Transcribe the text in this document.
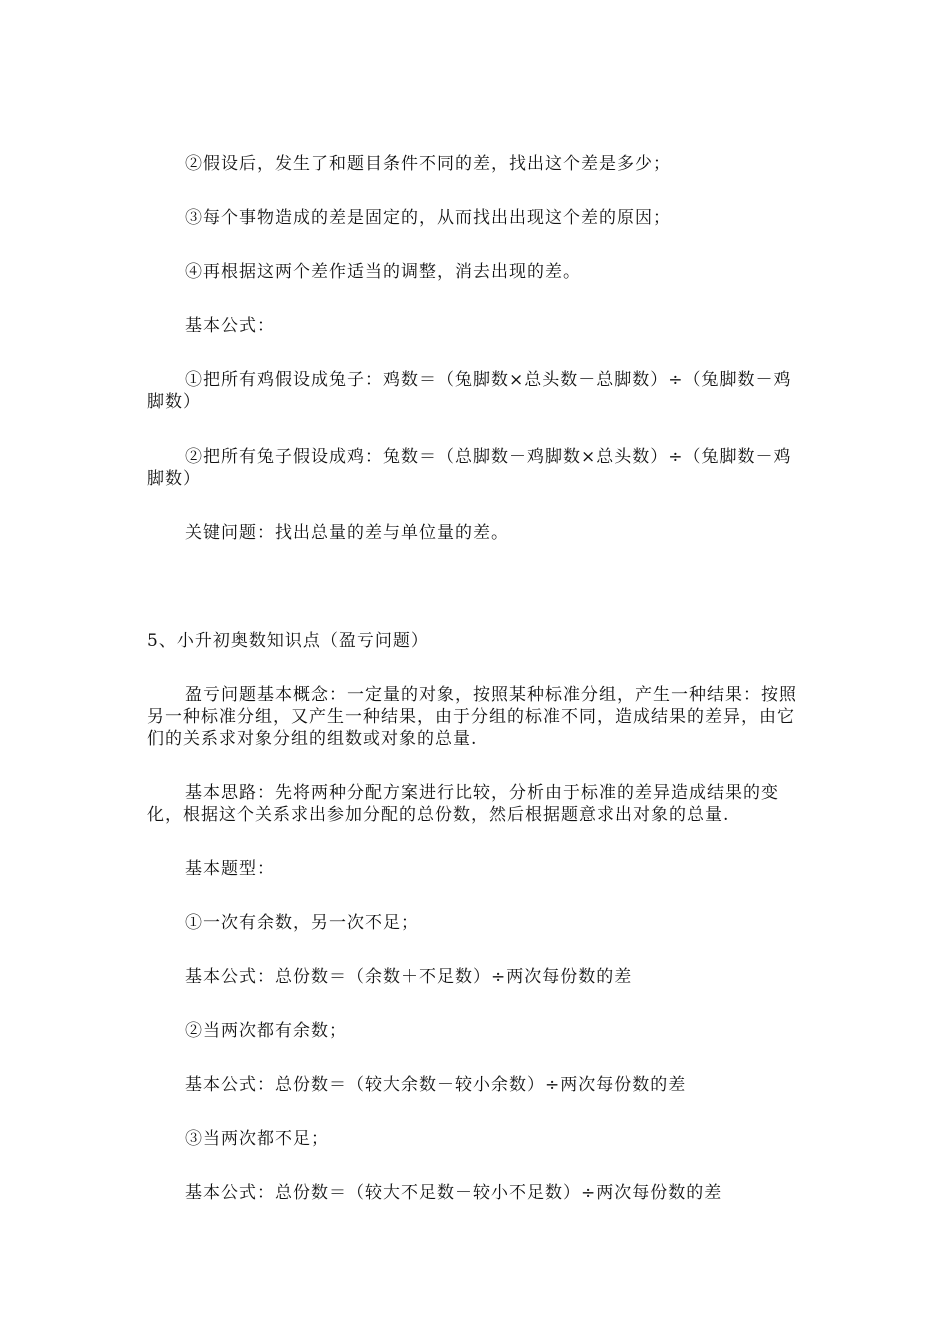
②假设后，发生了和题目条件不同的差，找出这个差是多少；

③每个事物造成的差是固定的，从而找出出现这个差的原因；

④再根据这两个差作适当的调整，消去出现的差。

基本公式：

①把所有鸡假设成兔子：鸡数＝（兔脚数×总头数－总脚数）÷（兔脚数－鸡脚数）

②把所有兔子假设成鸡：兔数＝（总脚数－鸡脚数×总头数）÷（兔脚数－鸡脚数）

关键问题：找出总量的差与单位量的差。

5、小升初奥数知识点（盈亏问题）

盈亏问题基本概念：一定量的对象，按照某种标准分组，产生一种结果：按照另一种标准分组，又产生一种结果，由于分组的标准不同，造成结果的差异，由它们的关系求对象分组的组数或对象的总量.

基本思路：先将两种分配方案进行比较，分析由于标准的差异造成结果的变化，根据这个关系求出参加分配的总份数，然后根据题意求出对象的总量.

基本题型：

①一次有余数，另一次不足；

基本公式：总份数＝（余数＋不足数）÷两次每份数的差

②当两次都有余数；

基本公式：总份数＝（较大余数－较小余数）÷两次每份数的差

③当两次都不足；

基本公式：总份数＝（较大不足数－较小不足数）÷两次每份数的差
